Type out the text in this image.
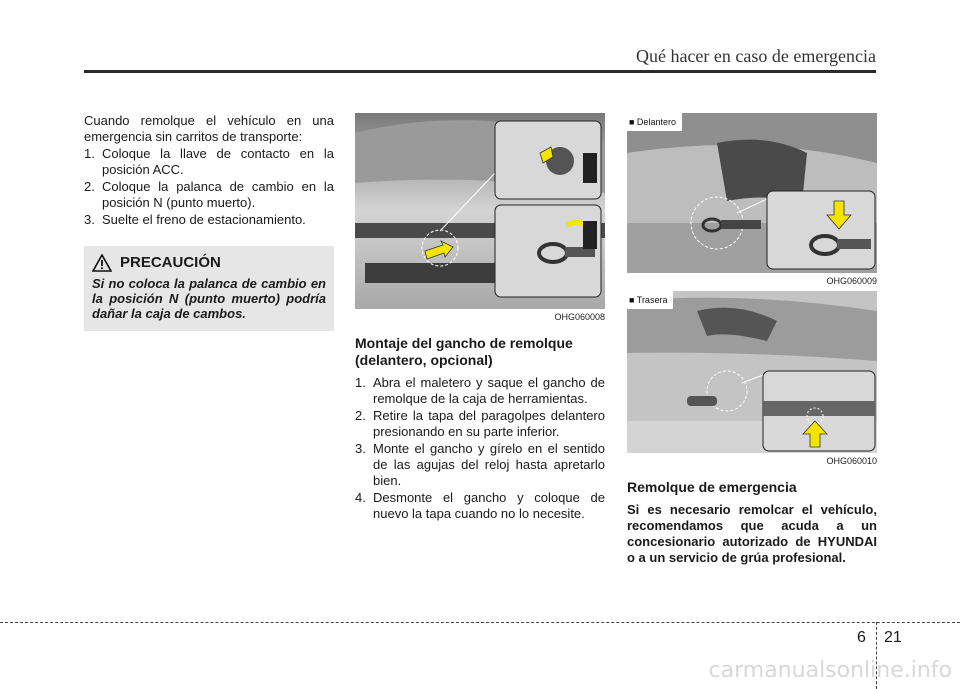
Qué hacer en caso de emergencia

Cuando remolque el vehículo en una emergencia sin carritos de transporte:

1. Coloque la llave de contacto en la posición ACC.
2. Coloque la palanca de cambio en la posición N (punto muerto).
3. Suelte el freno de estacionamiento.
PRECAUCIÓN
Si no coloca la palanca de cambio en la posición N (punto muerto) podría dañar la caja de cambos.	OHG060008
Montaje del gancho de remolque (delantero, opcional)
1. Abra el maletero y saque el gancho de remolque de la caja de herramientas.
2. Retire la tapa del paragolpes delantero presionando en su parte inferior.
3. Monte el gancho y gírelo en el sentido de las agujas del reloj hasta apretarlo bien.
4. Desmonte el gancho y coloque de nuevo la tapa cuando no lo necesite.
■ Delantero
OHG060009
■ Trasera
OHG060010
Remolque de emergencia

Si es necesario remolcar el vehículo, recomendamos que acuda a un concesionario autorizado de HYUNDAI o a un servicio de grúa profesional.

6 21
carmanualsonline.info
